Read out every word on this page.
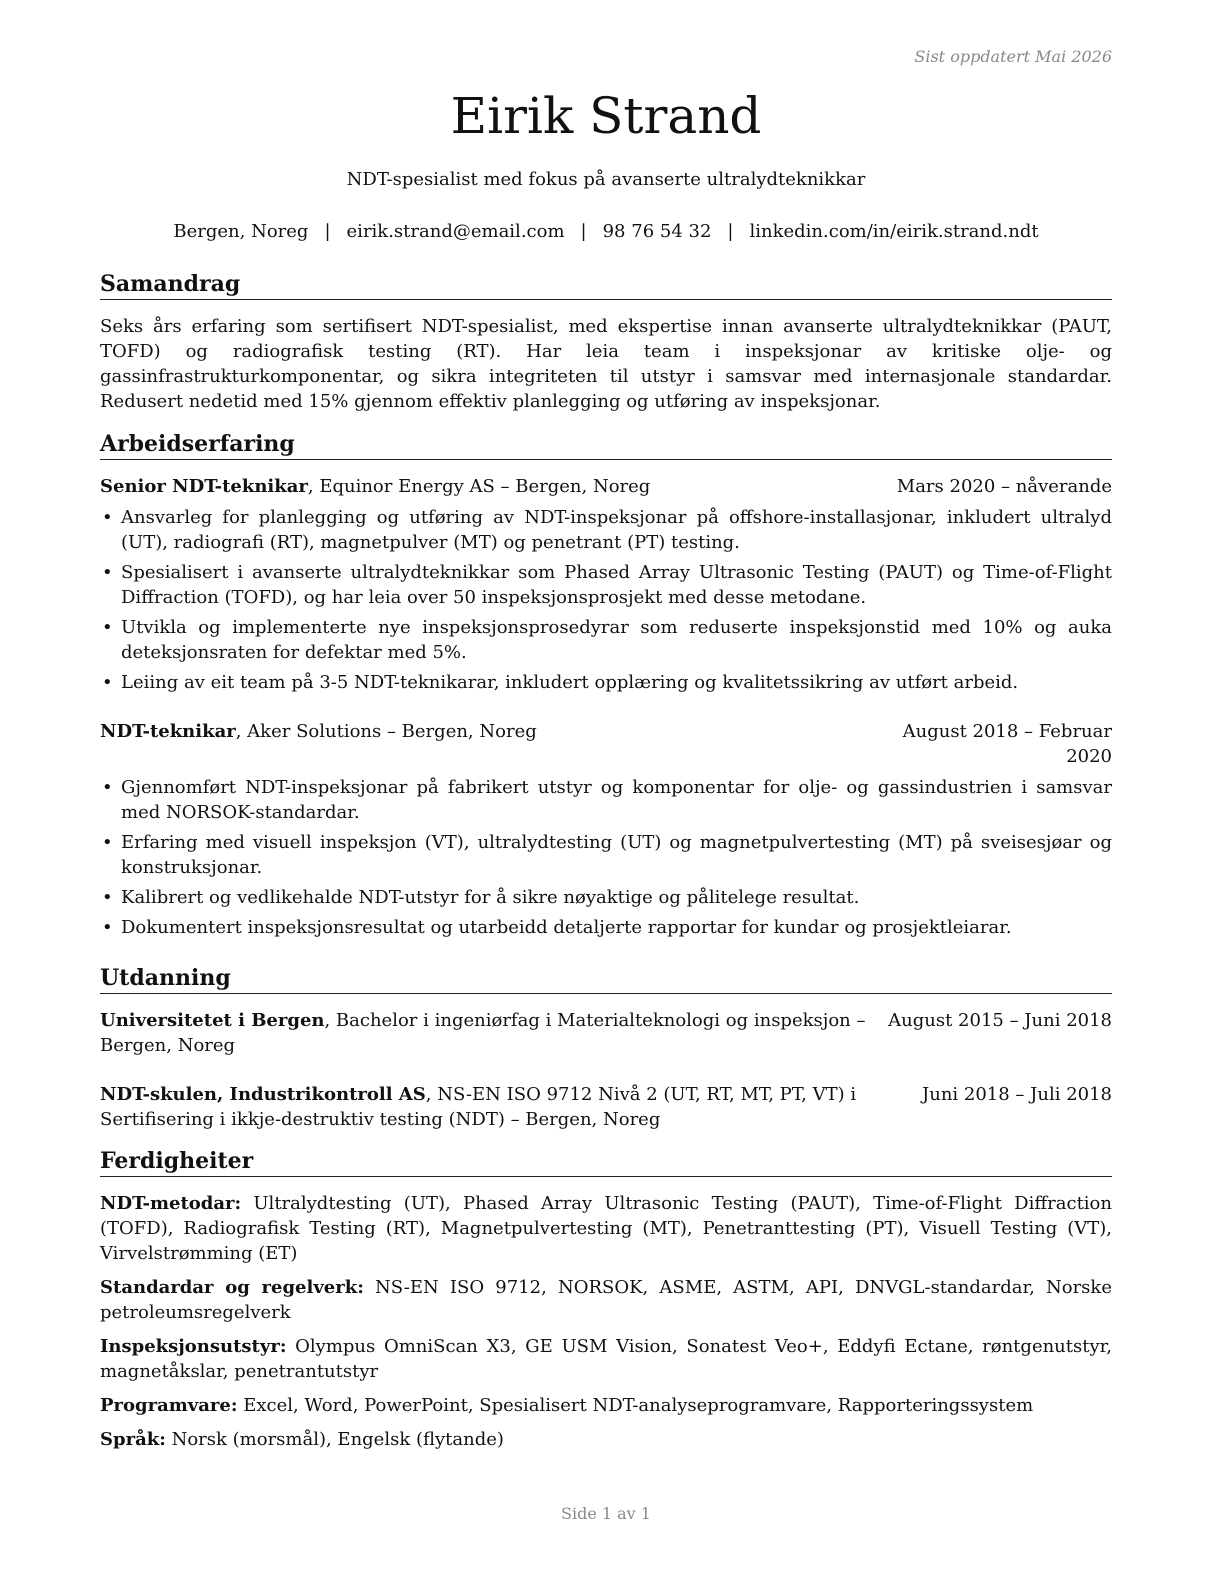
Sist oppdatert Mai 2026
Eirik Strand
NDT-spesialist med fokus på avanserte ultralydteknikkar
Bergen, Noreg | eirik.strand@email.com | 98 76 54 32 | linkedin.com/in/eirik.strand.ndt
Samandrag
Seks års erfaring som sertifisert NDT-spesialist, med ekspertise innan avanserte ultralydteknikkar (PAUT, TOFD) og radiografisk testing (RT). Har leia team i inspeksjonar av kritiske olje- og gassinfrastrukturkomponentar, og sikra integriteten til utstyr i samsvar med internasjonale standardar. Redusert nedetid med 15% gjennom effektiv planlegging og utføring av inspeksjonar.
Arbeidserfaring
Senior NDT-teknikar, Equinor Energy AS – Bergen, Noreg	Mars 2020 – nåverande
• Ansvarleg for planlegging og utføring av NDT-inspeksjonar på offshore-installasjonar, inkludert ultralyd (UT), radiografi (RT), magnetpulver (MT) og penetrant (PT) testing.
• Spesialisert i avanserte ultralydteknikkar som Phased Array Ultrasonic Testing (PAUT) og Time-of-Flight Diffraction (TOFD), og har leia over 50 inspeksjonsprosjekt med desse metodane.
• Utvikla og implementerte nye inspeksjonsprosedyrar som reduserte inspeksjonstid med 10% og auka deteksjonsraten for defektar med 5%.
• Leiing av eit team på 3-5 NDT-teknikarar, inkludert opplæring og kvalitetssikring av utført arbeid.
NDT-teknikar, Aker Solutions – Bergen, Noreg	August 2018 – Februar 2020
• Gjennomført NDT-inspeksjonar på fabrikert utstyr og komponentar for olje- og gassindustrien i samsvar med NORSOK-standardar.
• Erfaring med visuell inspeksjon (VT), ultralydtesting (UT) og magnetpulvertesting (MT) på sveisesjøar og konstruksjonar.
• Kalibrert og vedlikehalde NDT-utstyr for å sikre nøyaktige og pålitelege resultat.
• Dokumentert inspeksjonsresultat og utarbeidd detaljerte rapportar for kundar og prosjektleiarar.
Utdanning
Universitetet i Bergen, Bachelor i ingeniørfag i Materialteknologi og inspeksjon – Bergen, Noreg
August 2015 – Juni 2018
NDT-skulen, Industrikontroll AS, NS-EN ISO 9712 Nivå 2 (UT, RT, MT, PT, VT) i Sertifisering i ikkje-destruktiv testing (NDT) – Bergen, Noreg
Juni 2018 – Juli 2018
Ferdigheiter
NDT-metodar: Ultralydtesting (UT), Phased Array Ultrasonic Testing (PAUT), Time-of-Flight Diffraction (TOFD), Radiografisk Testing (RT), Magnetpulvertesting (MT), Penetranttesting (PT), Visuell Testing (VT), Virvelstrømming (ET)
Standardar og regelverk: NS-EN ISO 9712, NORSOK, ASME, ASTM, API, DNVGL-standardar, Norske petroleumsregelverk
Inspeksjonsutstyr: Olympus OmniScan X3, GE USM Vision, Sonatest Veo+, Eddyfi Ectane, røntgenutstyr, magnetåkslar, penetrantutstyr
Programvare: Excel, Word, PowerPoint, Spesialisert NDT-analyseprogramvare, Rapporteringssystem
Språk: Norsk (morsmål), Engelsk (flytande)
Side 1 av 1
